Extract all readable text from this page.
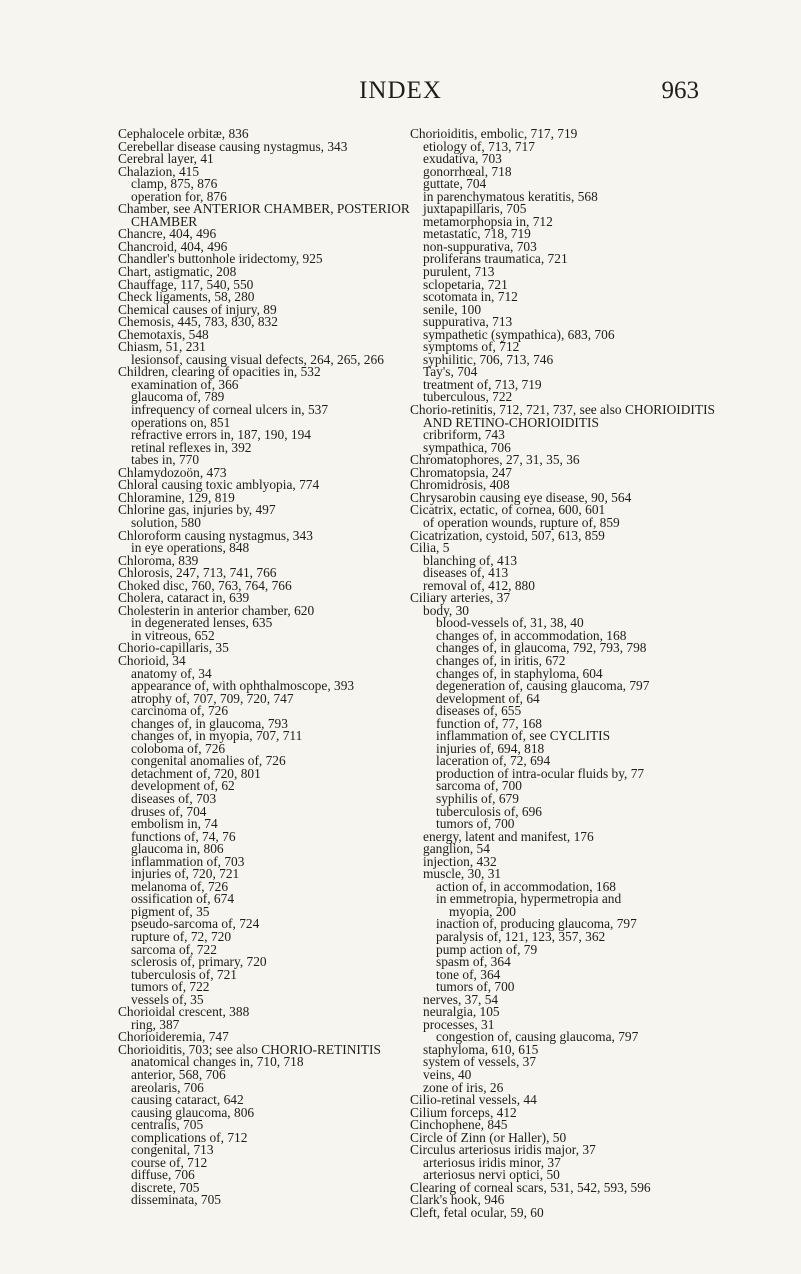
INDEX	963
Cephalocele orbitæ, 836
Cerebellar disease causing nystagmus, 343
Cerebral layer, 41
Chalazion, 415
clamp, 875, 876
operation for, 876
Chamber, see ANTERIOR CHAMBER, POSTERIOR
CHAMBER
Chancre, 404, 496
Chancroid, 404, 496
Chandler's buttonhole iridectomy, 925
Chart, astigmatic, 208
Chauffage, 117, 540, 550
Check ligaments, 58, 280
Chemical causes of injury, 89
Chemosis, 445, 783, 830, 832
Chemotaxis, 548
Chiasm, 51, 231
lesionsof, causing visual defects, 264, 265, 266
Children, clearing of opacities in, 532
examination of, 366
glaucoma of, 789
infrequency of corneal ulcers in, 537
operations on, 851
refractive errors in, 187, 190, 194
retinal reflexes in, 392
tabes in, 770
Chlamydozoön, 473
Chloral causing toxic amblyopia, 774
Chloramine, 129, 819
Chlorine gas, injuries by, 497
solution, 580
Chloroform causing nystagmus, 343
in eye operations, 848
Chloroma, 839
Chlorosis, 247, 713, 741, 766
Choked disc, 760, 763, 764, 766
Cholera, cataract in, 639
Cholesterin in anterior chamber, 620
in degenerated lenses, 635
in vitreous, 652
Chorio-capillaris, 35
Chorioid, 34
anatomy of, 34
appearance of, with ophthalmoscope, 393
atrophy of, 707, 709, 720, 747
carcinoma of, 726
changes of, in glaucoma, 793
changes of, in myopia, 707, 711
coloboma of, 726
congenital anomalies of, 726
detachment of, 720, 801
development of, 62
diseases of, 703
druses of, 704
embolism in, 74
functions of, 74, 76
glaucoma in, 806
inflammation of, 703
injuries of, 720, 721
melanoma of, 726
ossification of, 674
pigment of, 35
pseudo-sarcoma of, 724
rupture of, 72, 720
sarcoma of, 722
sclerosis of, primary, 720
tuberculosis of, 721
tumors of, 722
vessels of, 35
Chorioidal crescent, 388
ring, 387
Chorioideremia, 747
Chorioiditis, 703; see also CHORIO-RETINITIS
anatomical changes in, 710, 718
anterior, 568, 706
areolaris, 706
causing cataract, 642
causing glaucoma, 806
centralis, 705
complications of, 712
congenital, 713
course of, 712
diffuse, 706
discrete, 705
disseminata, 705
Chorioiditis, embolic, 717, 719
etiology of, 713, 717
exudativa, 703
gonorrhœal, 718
guttate, 704
in parenchymatous keratitis, 568
juxtapapillaris, 705
metamorphopsia in, 712
metastatic, 718, 719
non-suppurativa, 703
proliferans traumatica, 721
purulent, 713
sclopetaria, 721
scotomata in, 712
senile, 100
suppurativa, 713
sympathetic (sympathica), 683, 706
symptoms of, 712
syphilitic, 706, 713, 746
Tay's, 704
treatment of, 713, 719
tuberculous, 722
Chorio-retinitis, 712, 721, 737, see also CHORIOIDITIS
AND RETINO-CHORIOIDITIS
cribriform, 743
sympathica, 706
Chromatophores, 27, 31, 35, 36
Chromatopsia, 247
Chromidrosis, 408
Chrysarobin causing eye disease, 90, 564
Cicatrix, ectatic, of cornea, 600, 601
of operation wounds, rupture of, 859
Cicatrization, cystoid, 507, 613, 859
Cilia, 5
blanching of, 413
diseases of, 413
removal of, 412, 880
Ciliary arteries, 37
body, 30
blood-vessels of, 31, 38, 40
changes of, in accommodation, 168
changes of, in glaucoma, 792, 793, 798
changes of, in iritis, 672
changes of, in staphyloma, 604
degeneration of, causing glaucoma, 797
development of, 64
diseases of, 655
function of, 77, 168
inflammation of, see CYCLITIS
injuries of, 694, 818
laceration of, 72, 694
production of intra-ocular fluids by, 77
sarcoma of, 700
syphilis of, 679
tuberculosis of, 696
tumors of, 700
energy, latent and manifest, 176
ganglion, 54
injection, 432
muscle, 30, 31
action of, in accommodation, 168
in emmetropia, hypermetropia and
myopia, 200
inaction of, producing glaucoma, 797
paralysis of, 121, 123, 357, 362
pump action of, 79
spasm of, 364
tone of, 364
tumors of, 700
nerves, 37, 54
neuralgia, 105
processes, 31
congestion of, causing glaucoma, 797
staphyloma, 610, 615
system of vessels, 37
veins, 40
zone of iris, 26
Cilio-retinal vessels, 44
Cilium forceps, 412
Cinchophene, 845
Circle of Zinn (or Haller), 50
Circulus arteriosus iridis major, 37
arteriosus iridis minor, 37
arteriosus nervi optici, 50
Clearing of corneal scars, 531, 542, 593, 596
Clark's hook, 946
Cleft, fetal ocular, 59, 60
